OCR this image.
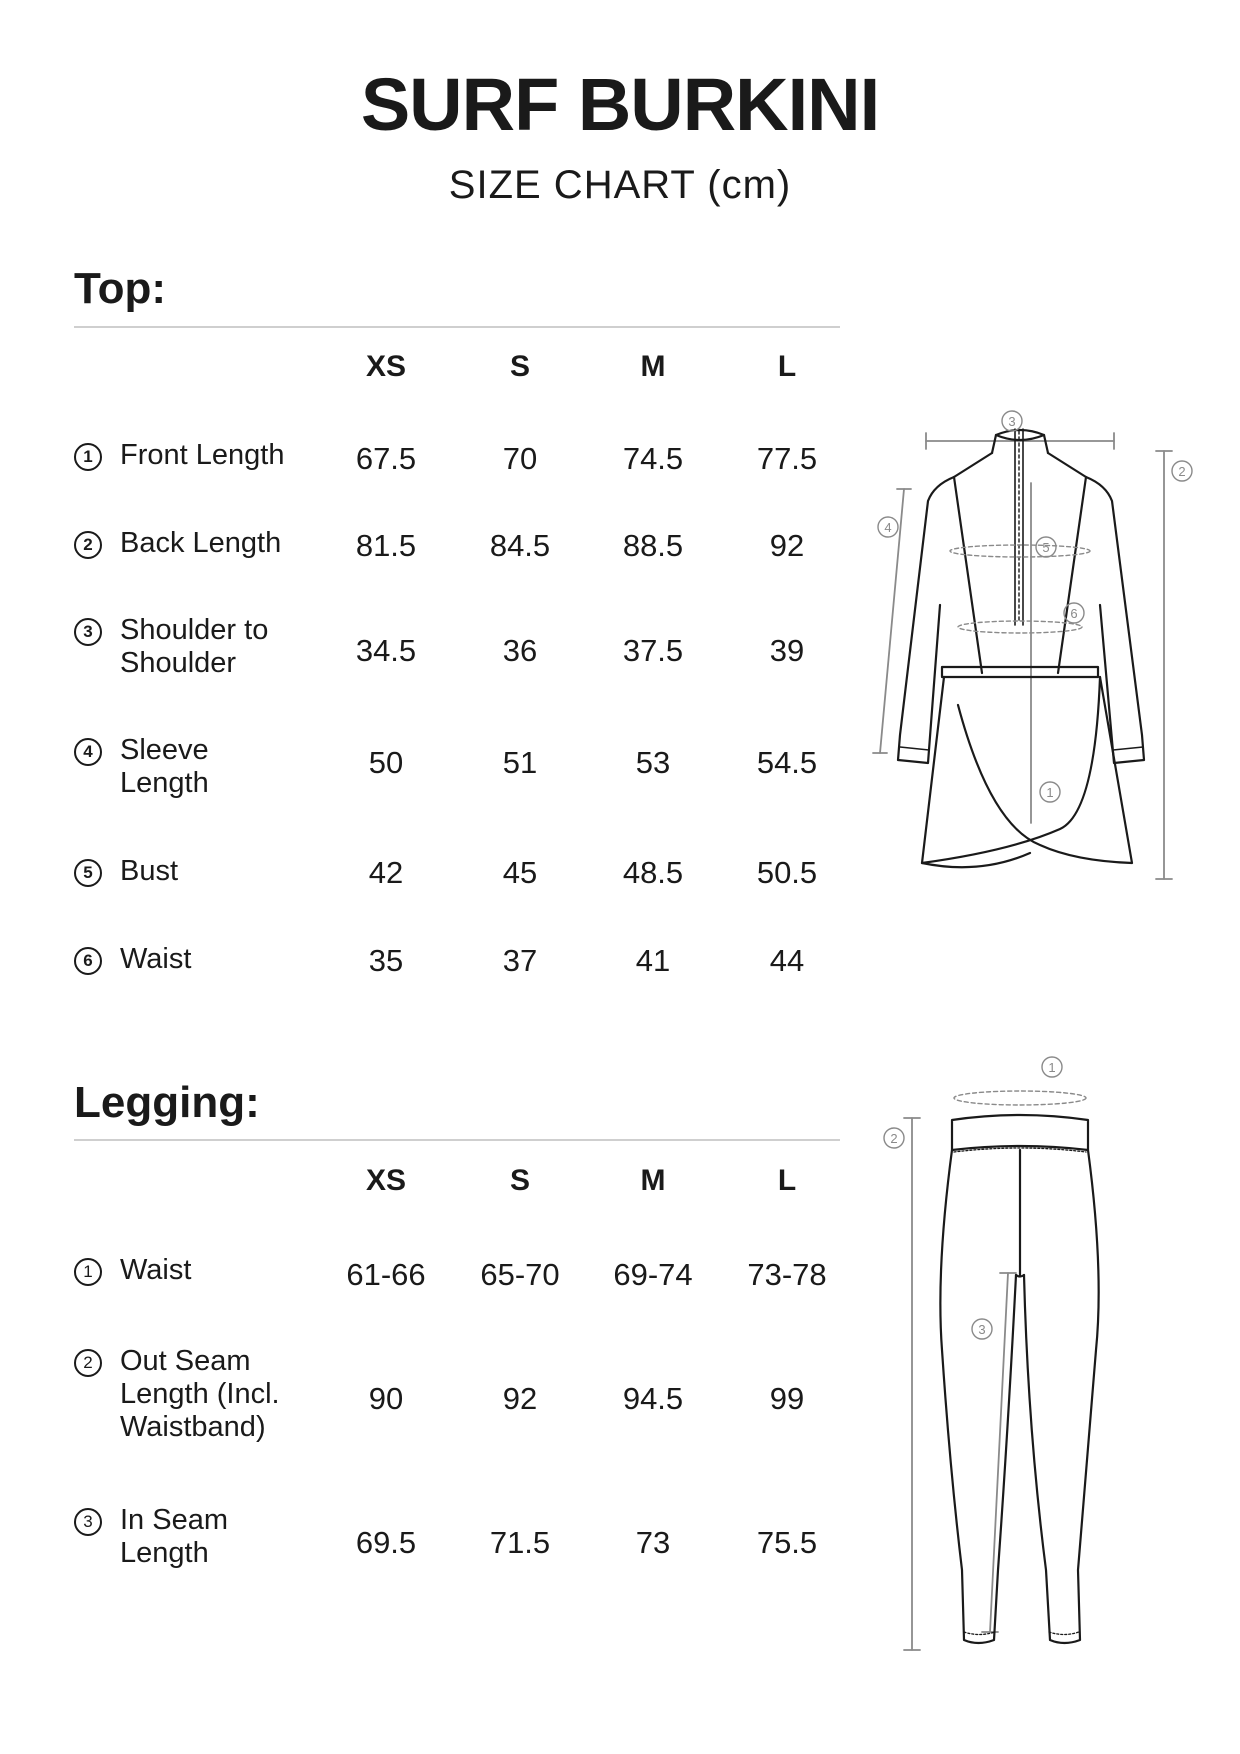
SURF BURKINI
SIZE CHART (cm)
Top:
XS	S	M	L
1 Front Length	67.5	70	74.5	77.5
2 Back Length	81.5	84.5	88.5	92
3 Shoulder to
Shoulder	34.5	36	37.5	39
4 Sleeve
Length
50	51	53	54.5
5 Bust	42	45	48.5	50.5
6 Waist	35	37	41	44
3
2
4
5
6
1
Legging:
XS	S	M	L
1 Waist	61-66	65-70	69-74	73-78
2 Out Seam
Length (Incl.
Waistband)
90	92	94.5	99
3 In Seam
Length	69.5	71.5	73	75.5
1
2
3
